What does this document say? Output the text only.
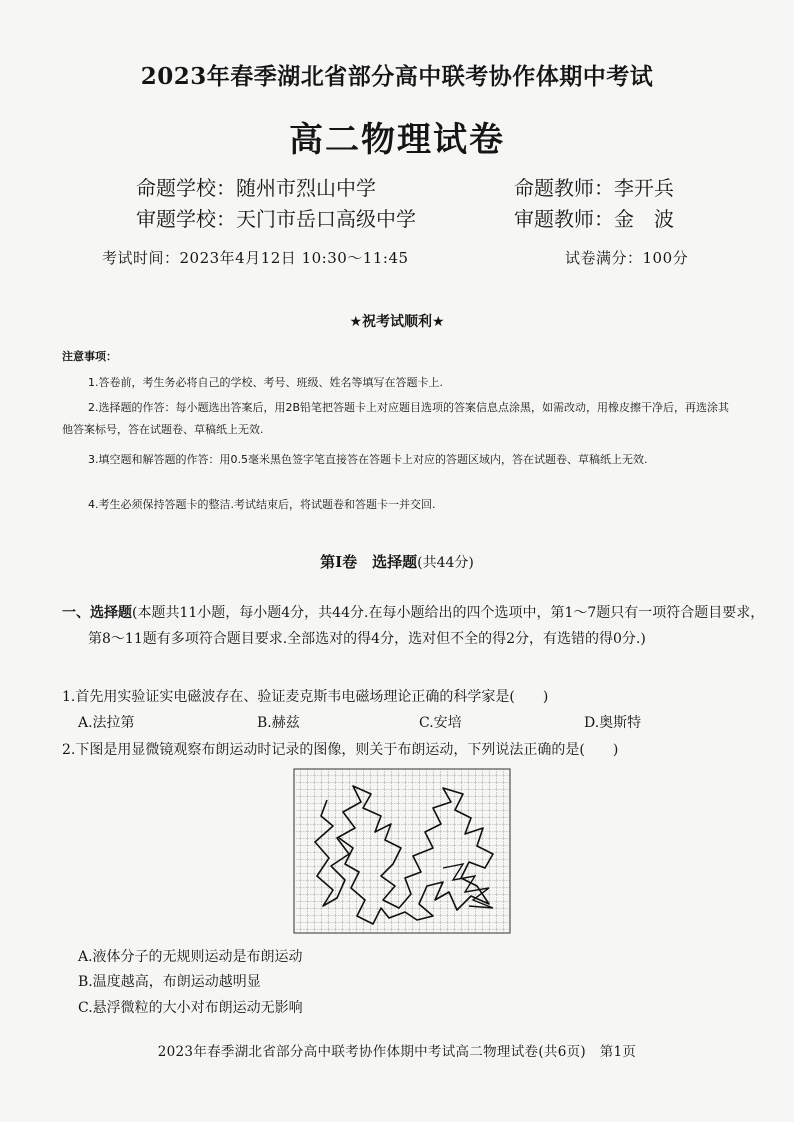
2023年春季湖北省部分高中联考协作体期中考试
高二物理试卷
命题学校：随州市烈山中学	命题教师：李开兵
审题学校：天门市岳口高级中学	审题教师：金　波
考试时间：2023年4月12日 10:30～11:45	试卷满分：100分
★祝考试顺利★
注意事项：
1.答卷前，考生务必将自己的学校、考号、班级、姓名等填写在答题卡上.
2.选择题的作答：每小题选出答案后，用2B铅笔把答题卡上对应题目选项的答案信息点涂黑，如需改动，用橡皮擦干净后，再选涂其他答案标号，答在试题卷、草稿纸上无效.
3.填空题和解答题的作答：用0.5毫米黑色签字笔直接答在答题卡上对应的答题区域内，答在试题卷、草稿纸上无效.
4.考生必须保持答题卡的整洁.考试结束后，将试题卷和答题卡一并交回.
第Ⅰ卷　选择题(共44分)
一、选择题(本题共11小题，每小题4分，共44分.在每小题给出的四个选项中，第1～7题只有一项符合题目要求，第8～11题有多项符合题目要求.全部选对的得4分，选对但不全的得2分，有选错的得0分.)
1.首先用实验证实电磁波存在、验证麦克斯韦电磁场理论正确的科学家是(　　)
A.法拉第	B.赫兹	C.安培	D.奥斯特
2.下图是用显微镜观察布朗运动时记录的图像，则关于布朗运动，下列说法正确的是(　　)
A.液体分子的无规则运动是布朗运动
B.温度越高，布朗运动越明显
C.悬浮微粒的大小对布朗运动无影响
2023年春季湖北省部分高中联考协作体期中考试高二物理试卷(共6页)　第1页
